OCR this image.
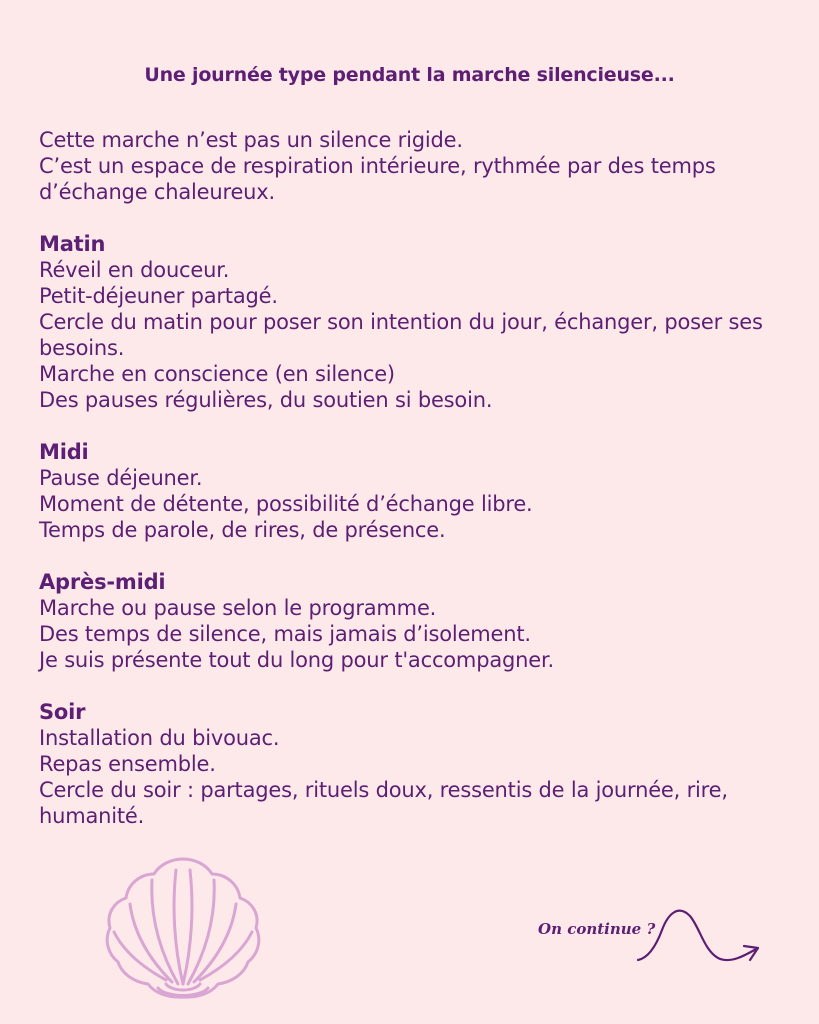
Une journée type pendant la marche silencieuse...

Cette marche n’est pas un silence rigide.

C’est un espace de respiration intérieure, rythmée par des temps d’échange chaleureux.

Matin
Réveil en douceur.
Petit-déjeuner partagé.
Cercle du matin pour poser son intention du jour, échanger, poser ses besoins.
Marche en conscience (en silence)
Des pauses régulières, du soutien si besoin.
Midi
Pause déjeuner.
Moment de détente, possibilité d’échange libre.
Temps de parole, de rires, de présence.
Après-midi
Marche ou pause selon le programme.
Des temps de silence, mais jamais d’isolement.
Je suis présente tout du long pour t'accompagner.
Soir
Installation du bivouac.
Repas ensemble.
Cercle du soir : partages, rituels doux, ressentis de la journée, rire, humanité.
On continue ?
